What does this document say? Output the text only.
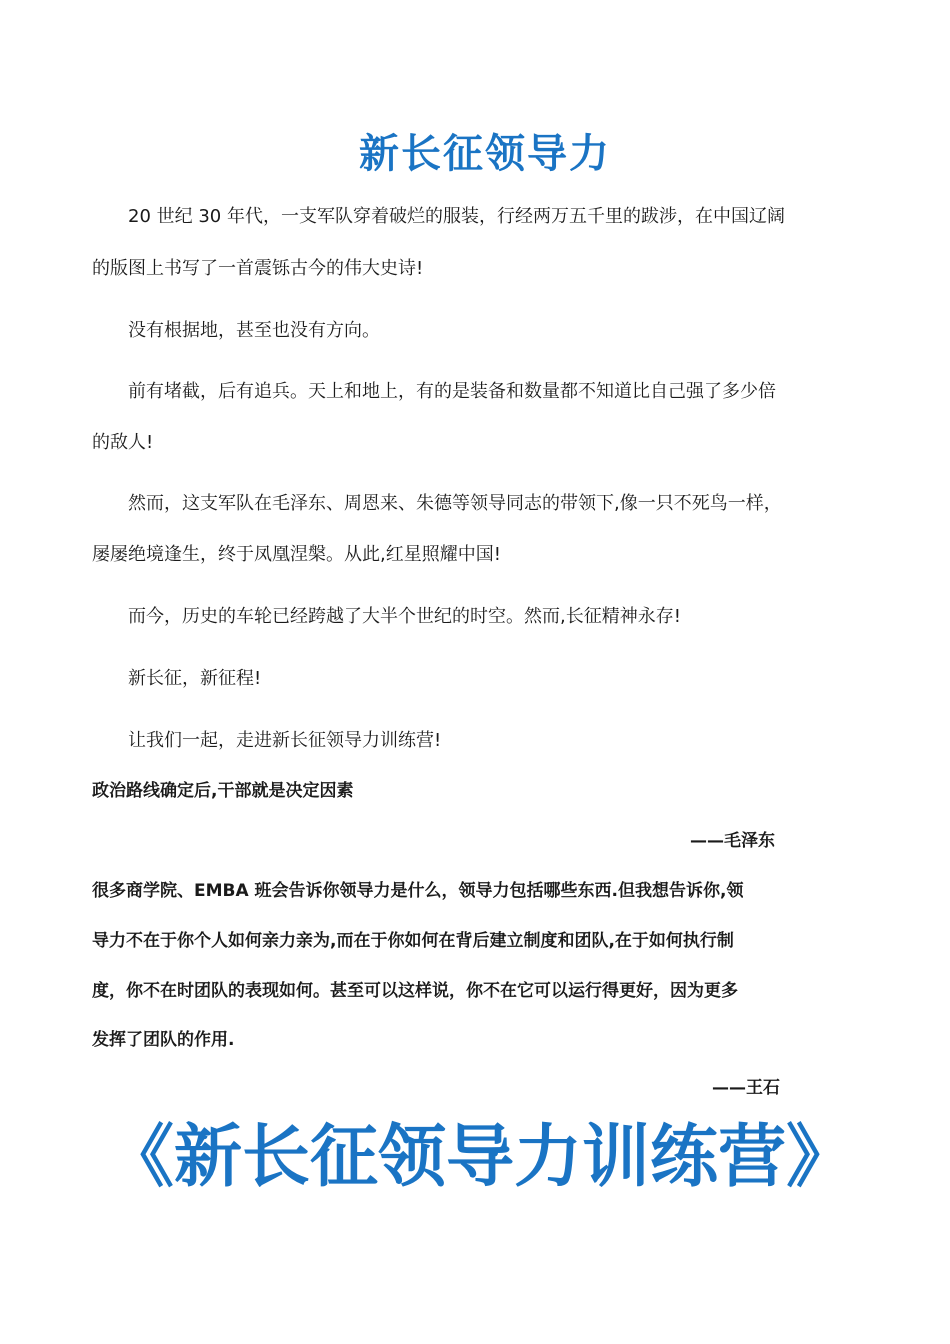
新长征领导力
20 世纪 30 年代，一支军队穿着破烂的服装，行经两万五千里的跋涉，在中国辽阔
的版图上书写了一首震铄古今的伟大史诗!
没有根据地，甚至也没有方向。
前有堵截，后有追兵。天上和地上，有的是装备和数量都不知道比自己强了多少倍
的敌人!
然而，这支军队在毛泽东、周恩来、朱德等领导同志的带领下,像一只不死鸟一样，
屡屡绝境逢生，终于凤凰涅槃。从此,红星照耀中国!
而今，历史的车轮已经跨越了大半个世纪的时空。然而,长征精神永存!
新长征，新征程!
让我们一起，走进新长征领导力训练营!
政治路线确定后,干部就是决定因素
——毛泽东
很多商学院、EMBA 班会告诉你领导力是什么，领导力包括哪些东西.但我想告诉你,领
导力不在于你个人如何亲力亲为,而在于你如何在背后建立制度和团队,在于如何执行制
度，你不在时团队的表现如何。甚至可以这样说，你不在它可以运行得更好，因为更多
发挥了团队的作用.
——王石
《新长征领导力训练营》
